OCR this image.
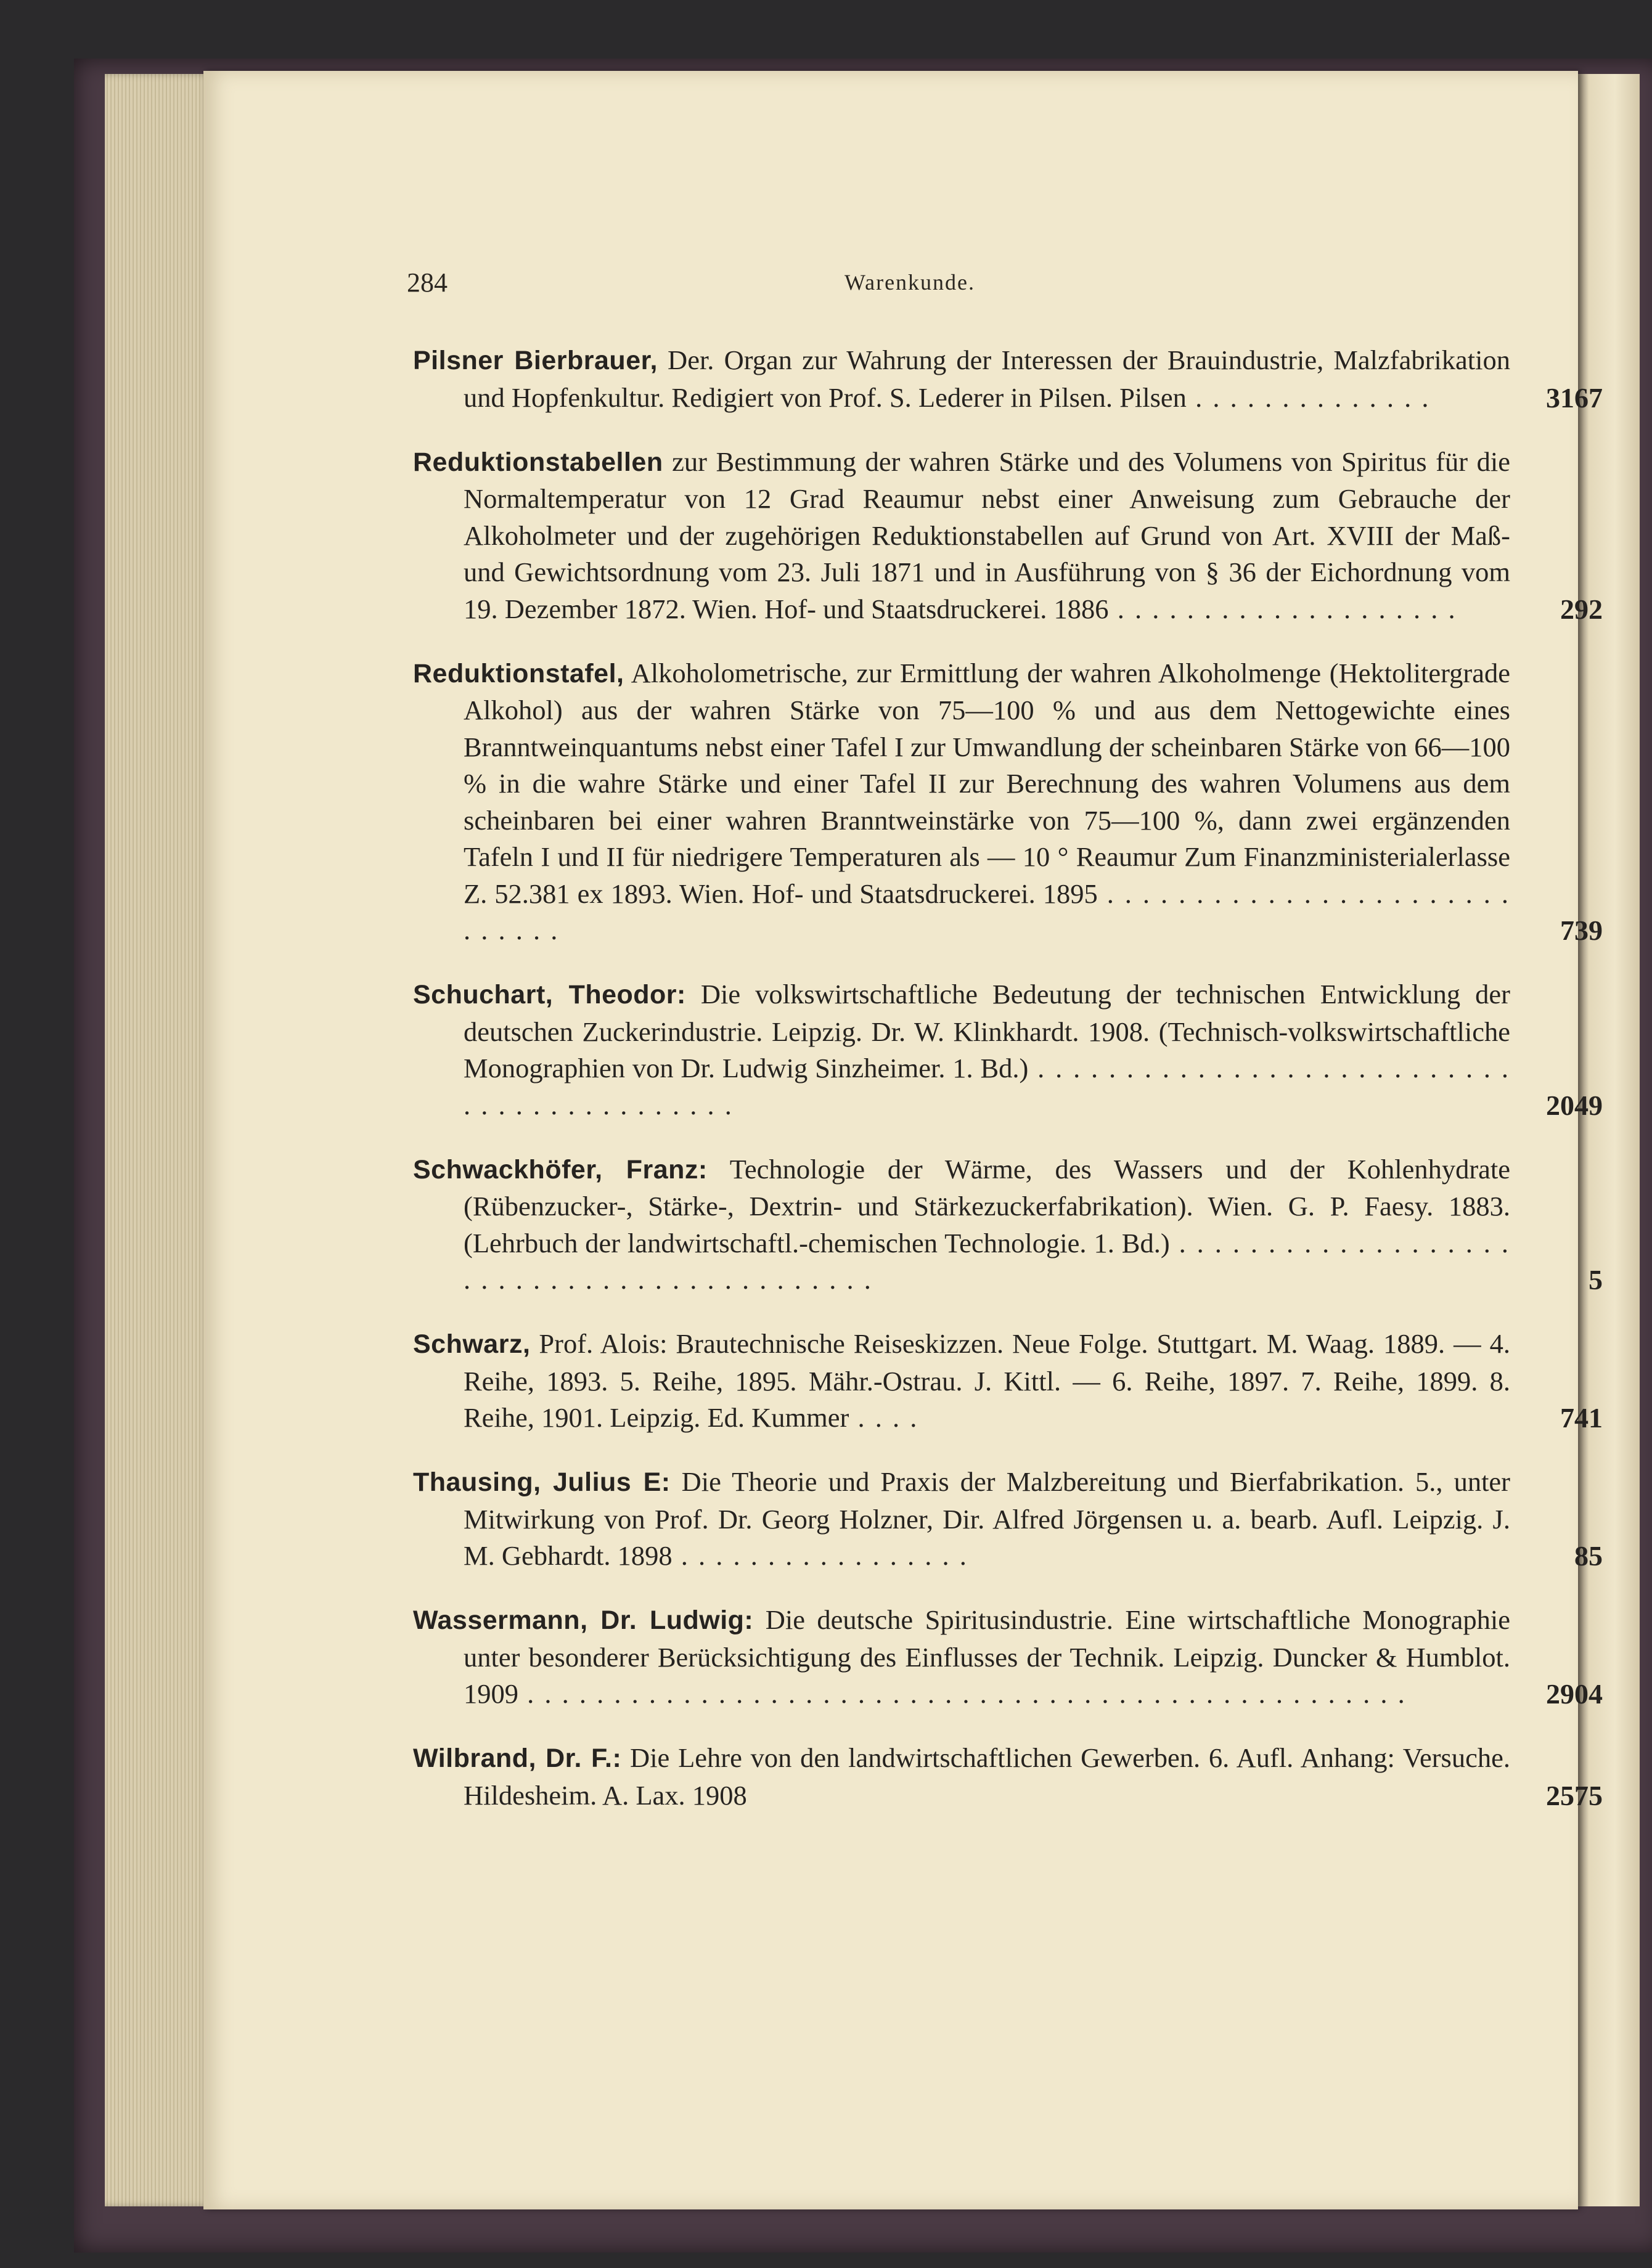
284	Warenkunde.

Pilsner Bierbrauer, Der. Organ zur Wahrung der Interessen der Brauindustrie, Malzfabrikation und Hopfenkultur. Redigiert von Prof. S. Lederer in Pilsen. Pilsen . . . . . . . . . . . . . .	3167

Reduktionstabellen zur Bestimmung der wahren Stärke und des Volumens von Spiritus für die Normaltemperatur von 12 Grad Reaumur nebst einer Anweisung zum Gebrauche der Alkoholmeter und der zugehörigen Reduktionstabellen auf Grund von Art. XVIII der Maß- und Gewichtsordnung vom 23. Juli 1871 und in Ausführung von § 36 der Eichordnung vom 19. Dezember 1872. Wien. Hof- und Staatsdruckerei. 1886 . . . . . . . . . . . . . . . . . . . .	292

Reduktionstafel, Alkoholometrische, zur Ermittlung der wahren Alkoholmenge (Hektolitergrade Alkohol) aus der wahren Stärke von 75—100 % und aus dem Nettogewichte eines Branntweinquantums nebst einer Tafel I zur Umwandlung der scheinbaren Stärke von 66—100 % in die wahre Stärke und einer Tafel II zur Berechnung des wahren Volumens aus dem scheinbaren bei einer wahren Branntweinstärke von 75—100 %, dann zwei ergänzenden Tafeln I und II für niedrigere Temperaturen als — 10 ° Reaumur Zum Finanzministerialerlasse Z. 52.381 ex 1893. Wien. Hof- und Staatsdruckerei. 1895 . . . . . . . . . . . . . . . . . . . . . . . . . . . . .	739

Schuchart, Theodor: Die volkswirtschaftliche Bedeutung der technischen Entwicklung der deutschen Zuckerindustrie. Leipzig. Dr. W. Klinkhardt. 1908. (Technisch-volkswirtschaftliche Monographien von Dr. Ludwig Sinzheimer. 1. Bd.) . . . . . . . . . . . . . . . . . . . . . . . . . . . . . . . . . . . . . . . . . . .	2049

Schwackhöfer, Franz: Technologie der Wärme, des Wassers und der Kohlenhydrate (Rübenzucker-, Stärke-, Dextrin- und Stärkezuckerfabrikation). Wien. G. P. Faesy. 1883. (Lehrbuch der landwirtschaftl.-chemischen Technologie. 1. Bd.) . . . . . . . . . . . . . . . . . . . . . . . . . . . . . . . . . . . . . . . . . . .	5

Schwarz, Prof. Alois: Brautechnische Reiseskizzen. Neue Folge. Stuttgart. M. Waag. 1889. — 4. Reihe, 1893. 5. Reihe, 1895. Mähr.-Ostrau. J. Kittl. — 6. Reihe, 1897. 7. Reihe, 1899. 8. Reihe, 1901. Leipzig. Ed. Kummer . . . .	741

Thausing, Julius E: Die Theorie und Praxis der Malzbereitung und Bierfabrikation. 5., unter Mitwirkung von Prof. Dr. Georg Holzner, Dir. Alfred Jörgensen u. a. bearb. Aufl. Leipzig. J. M. Gebhardt. 1898 . . . . . . . . . . . . . . . . .	85

Wassermann, Dr. Ludwig: Die deutsche Spiritusindustrie. Eine wirtschaftliche Monographie unter besonderer Berücksichtigung des Einflusses der Technik. Leipzig. Duncker & Humblot. 1909 . . . . . . . . . . . . . . . . . . . . . . . . . . . . . . . . . . . . . . . . . . . . . . . . . . .	2904

Wilbrand, Dr. F.: Die Lehre von den landwirtschaftlichen Gewerben. 6. Aufl. Anhang: Versuche. Hildesheim. A. Lax. 1908	2575
